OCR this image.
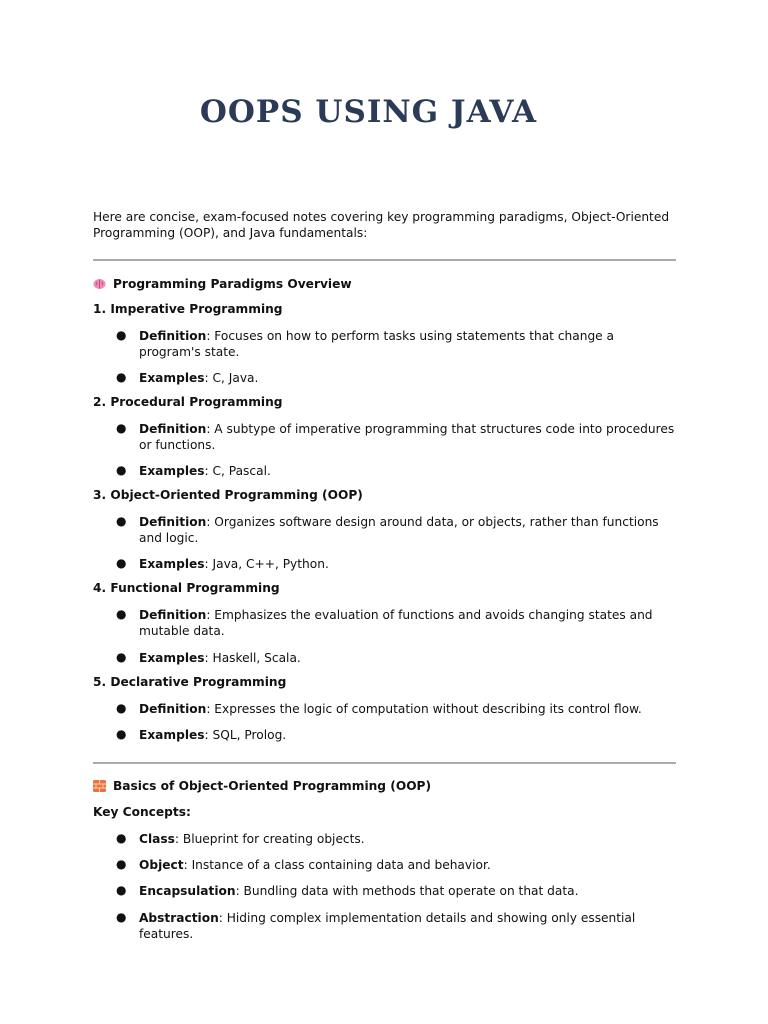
OOPS USING JAVA

Here are concise, exam-focused notes covering key programming paradigms, Object-Oriented Programming (OOP), and Java fundamentals:

Programming Paradigms Overview
1. Imperative Programming
● Definition: Focuses on how to perform tasks using statements that change a program's state.

● Examples: C, Java.

2. Procedural Programming
● Definition: A subtype of imperative programming that structures code into procedures or functions.

● Examples: C, Pascal.

3. Object-Oriented Programming (OOP)
● Definition: Organizes software design around data, or objects, rather than functions and logic.

● Examples: Java, C++, Python.

4. Functional Programming
● Definition: Emphasizes the evaluation of functions and avoids changing states and mutable data.

● Examples: Haskell, Scala.

5. Declarative Programming
● Definition: Expresses the logic of computation without describing its control flow.

● Examples: SQL, Prolog.

Basics of Object-Oriented Programming (OOP)
Key Concepts:
● Class: Blueprint for creating objects.

● Object: Instance of a class containing data and behavior.

● Encapsulation: Bundling data with methods that operate on that data.

● Abstraction: Hiding complex implementation details and showing only essential features.
